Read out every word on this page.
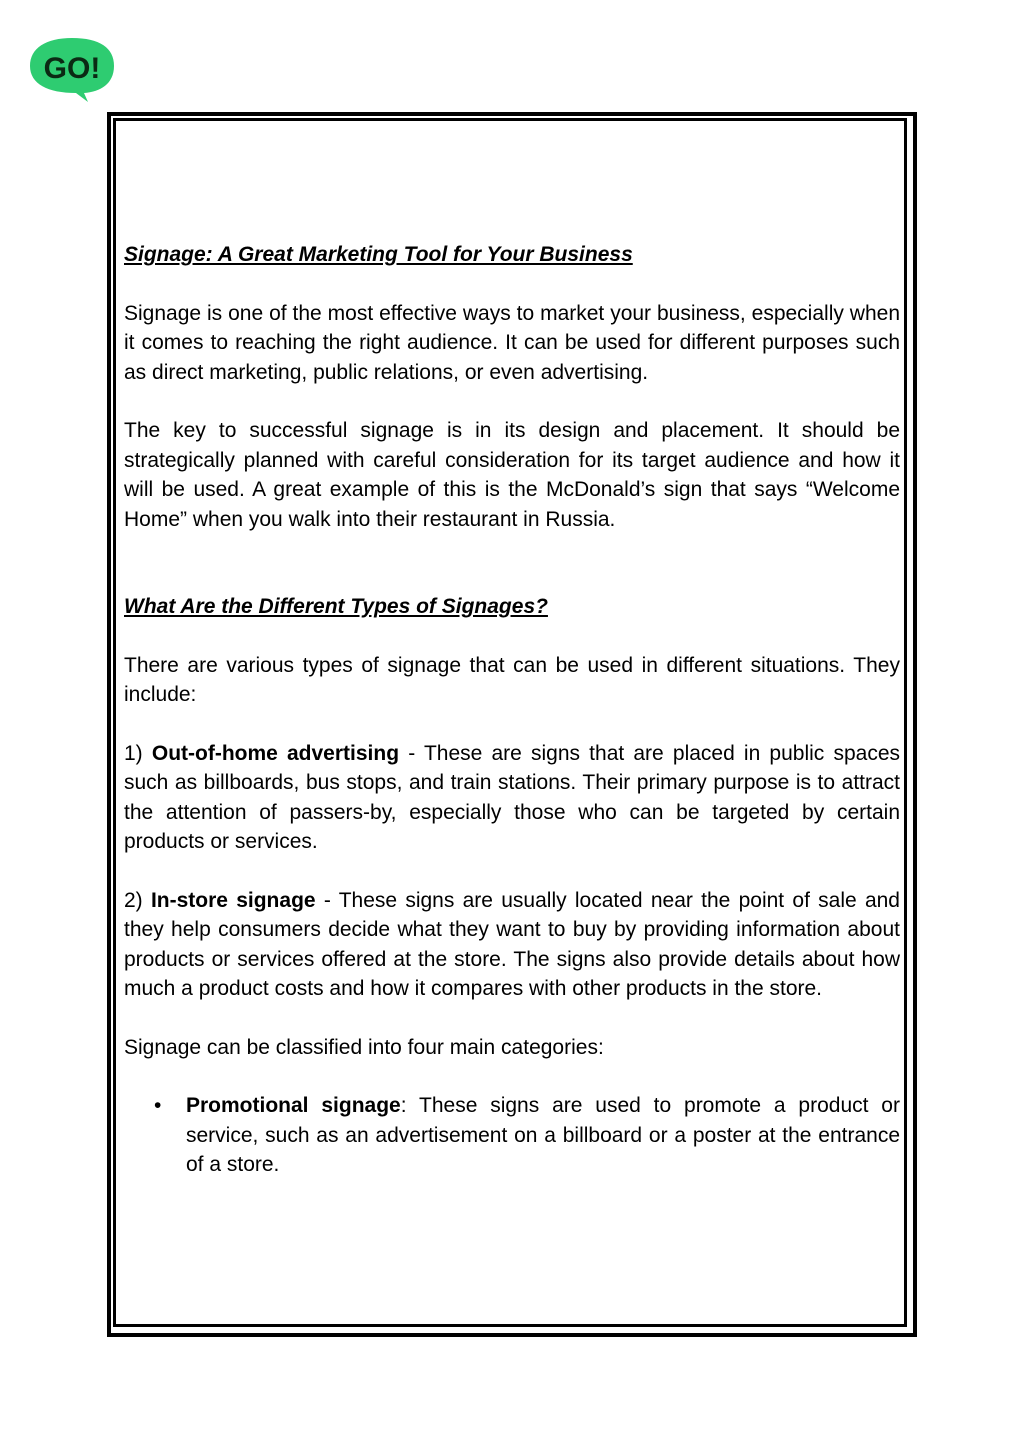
GO!

Signage: A Great Marketing Tool for Your Business

Signage is one of the most effective ways to market your business, especially when it comes to reaching the right audience. It can be used for different purposes such as direct marketing, public relations, or even advertising.

The key to successful signage is in its design and placement. It should be strategically planned with careful consideration for its target audience and how it will be used. A great example of this is the McDonald’s sign that says “Welcome Home” when you walk into their restaurant in Russia.

What Are the Different Types of Signages?

There are various types of signage that can be used in different situations. They include:

1) Out-of-home advertising - These are signs that are placed in public spaces such as billboards, bus stops, and train stations. Their primary purpose is to attract the attention of passers-by, especially those who can be targeted by certain products or services.

2) In-store signage - These signs are usually located near the point of sale and they help consumers decide what they want to buy by providing information about products or services offered at the store. The signs also provide details about how much a product costs and how it compares with other products in the store.

Signage can be classified into four main categories:

• Promotional signage: These signs are used to promote a product or service, such as an advertisement on a billboard or a poster at the entrance of a store.
